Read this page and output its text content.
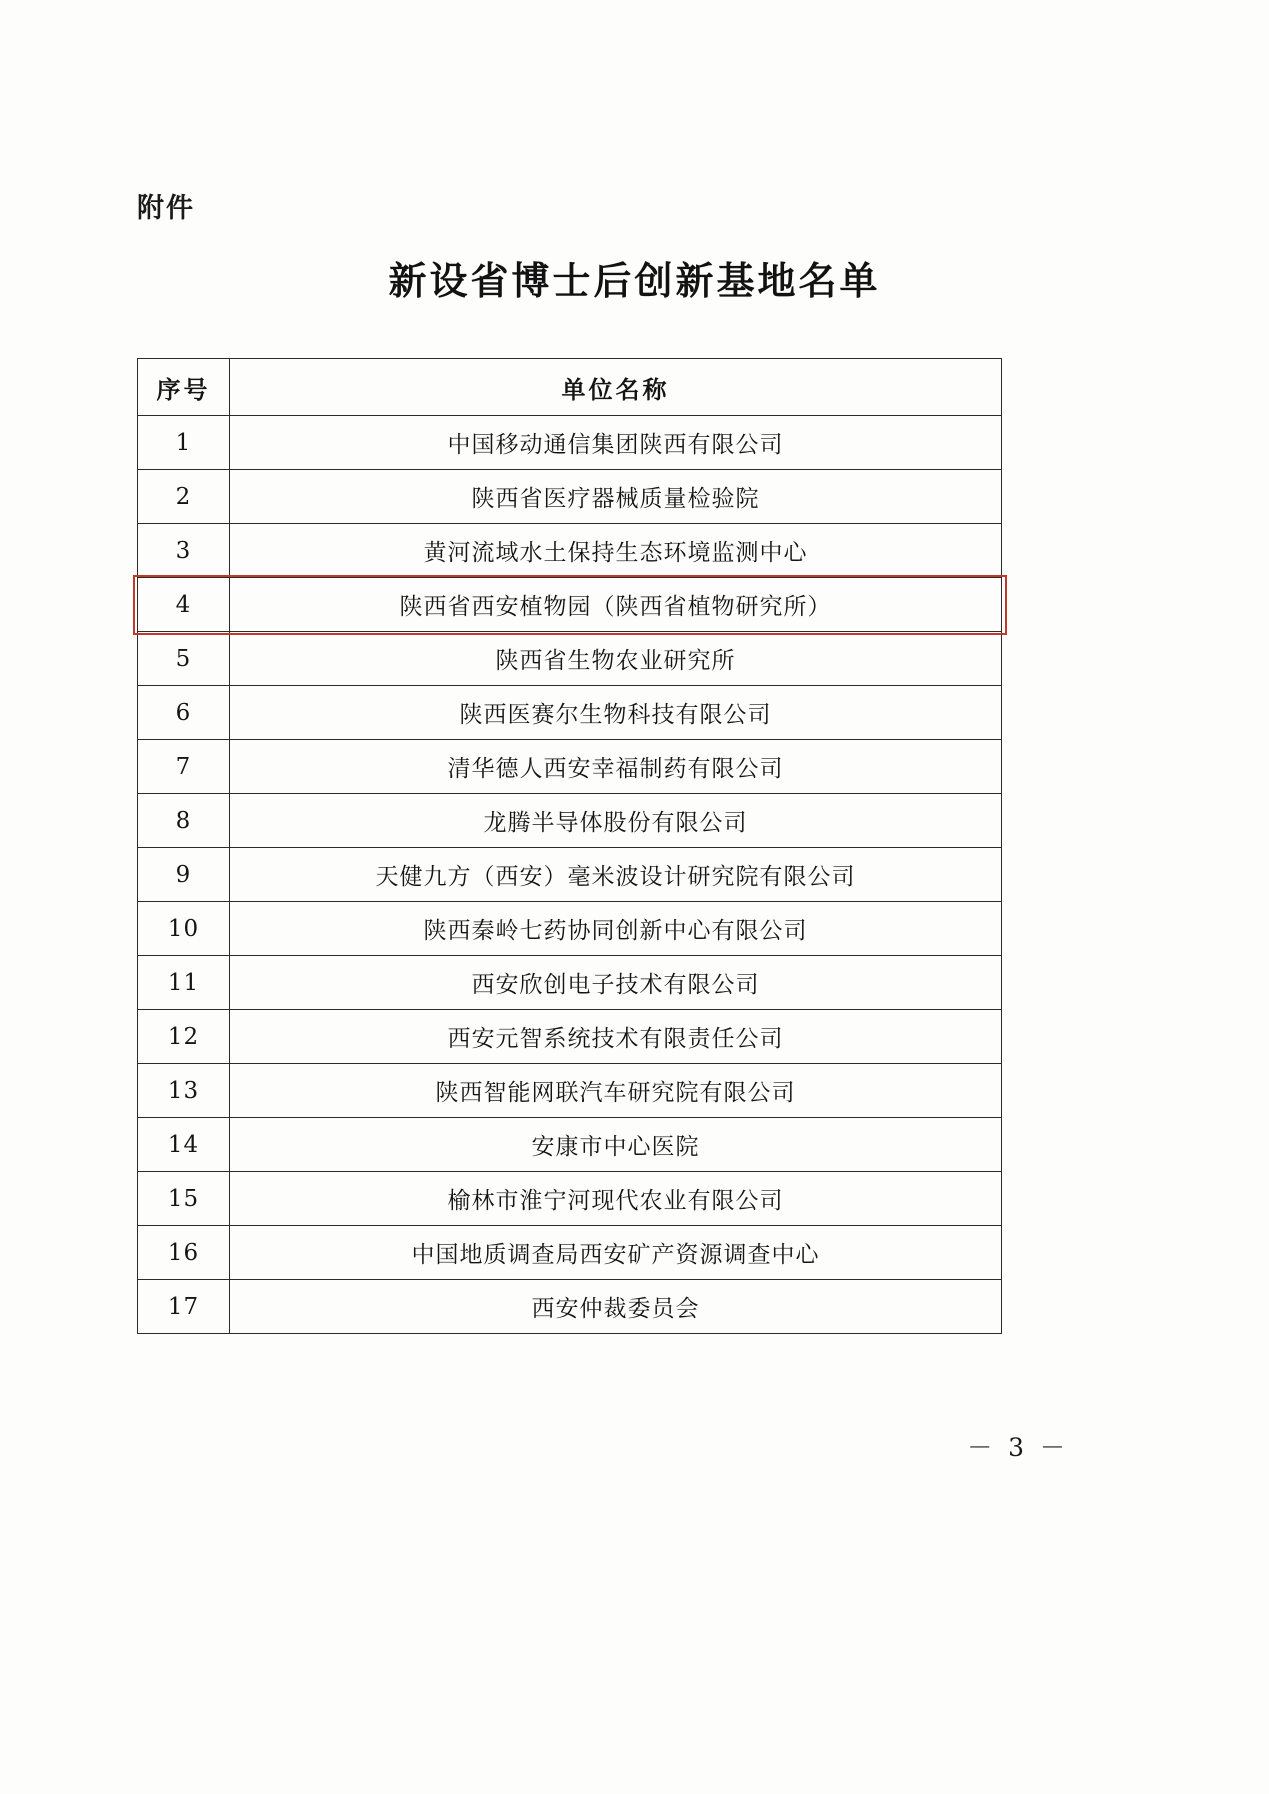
附件
新设省博士后创新基地名单
序号	单位名称
1	中国移动通信集团陕西有限公司
2	陕西省医疗器械质量检验院
3	黄河流域水土保持生态环境监测中心
4	陕西省西安植物园（陕西省植物研究所）
5	陕西省生物农业研究所
6	陕西医赛尔生物科技有限公司
7	清华德人西安幸福制药有限公司
8	龙腾半导体股份有限公司
9	天健九方（西安）毫米波设计研究院有限公司
10	陕西秦岭七药协同创新中心有限公司
11	西安欣创电子技术有限公司
12	西安元智系统技术有限责任公司
13	陕西智能网联汽车研究院有限公司
14	安康市中心医院
15	榆林市淮宁河现代农业有限公司
16	中国地质调查局西安矿产资源调查中心
17	西安仲裁委员会
－ 3 －
